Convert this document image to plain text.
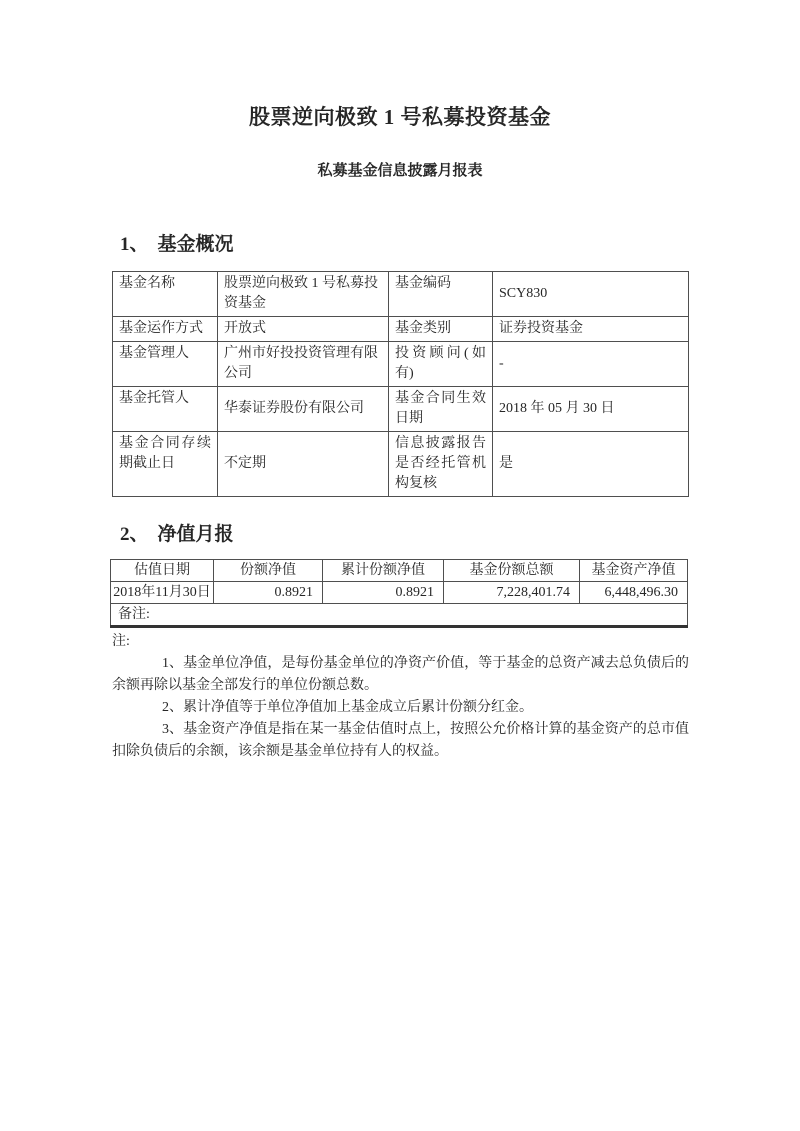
股票逆向极致 1 号私募投资基金
私募基金信息披露月报表
1、 基金概况
基金名称	股票逆向极致 1 号私募投资基金	基金编码	SCY830
基金运作方式	开放式	基金类别	证券投资基金
基金管理人	广州市好投投资管理有限公司	投资顾问(如有)	-
基金托管人	华泰证券股份有限公司	基金合同生效日期	2018 年 05 月 30 日
基金合同存续期截止日	不定期	信息披露报告是否经托管机构复核	是
2、 净值月报
估值日期	份额净值	累计份额净值	基金份额总额	基金资产净值
2018年11月30日	0.8921	0.8921	7,228,401.74	6,448,496.30
备注:				

注:

1、基金单位净值，是每份基金单位的净资产价值，等于基金的总资产减去总负债后的余额再除以基金全部发行的单位份额总数。

2、累计净值等于单位净值加上基金成立后累计份额分红金。

3、基金资产净值是指在某一基金估值时点上，按照公允价格计算的基金资产的总市值扣除负债后的余额，该余额是基金单位持有人的权益。
